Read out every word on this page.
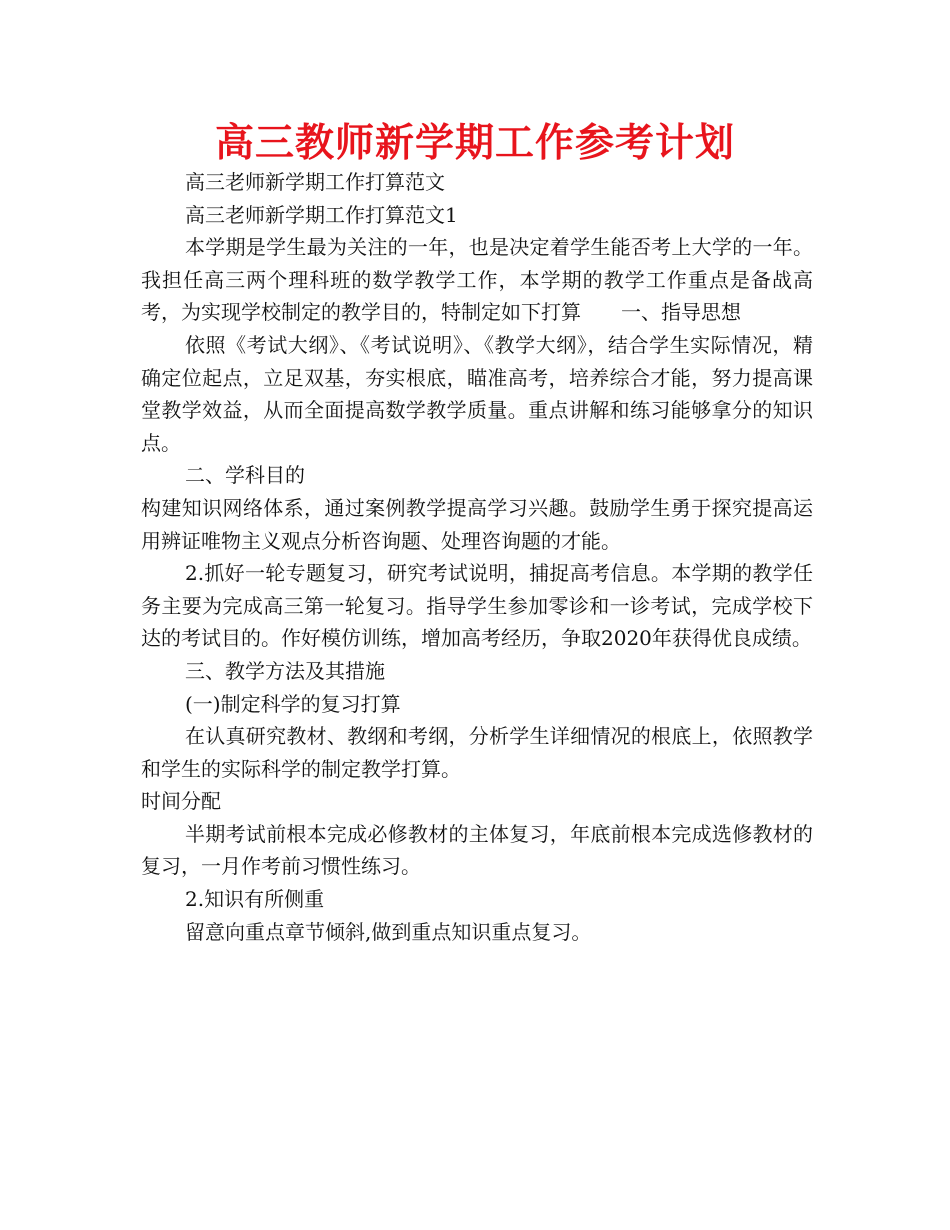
高三教师新学期工作参考计划

高三老师新学期工作打算范文

高三老师新学期工作打算范文1

本学期是学生最为关注的一年，也是决定着学生能否考上大学的一年。我担任高三两个理科班的数学教学工作，本学期的教学工作重点是备战高考，为实现学校制定的教学目的，特制定如下打算　　一、指导思想

依照《考试大纲》、《考试说明》、《教学大纲》，结合学生实际情况，精确定位起点，立足双基，夯实根底，瞄准高考，培养综合才能，努力提高课堂教学效益，从而全面提高数学教学质量。重点讲解和练习能够拿分的知识点。

二、学科目的

构建知识网络体系，通过案例教学提高学习兴趣。鼓励学生勇于探究提高运用辨证唯物主义观点分析咨询题、处理咨询题的才能。

2.抓好一轮专题复习，研究考试说明，捕捉高考信息。本学期的教学任务主要为完成高三第一轮复习。指导学生参加零诊和一诊考试，完成学校下达的考试目的。作好模仿训练，增加高考经历，争取2020年获得优良成绩。

三、教学方法及其措施

(一)制定科学的复习打算

在认真研究教材、教纲和考纲，分析学生详细情况的根底上，依照教学和学生的实际科学的制定教学打算。

时间分配

半期考试前根本完成必修教材的主体复习，年底前根本完成选修教材的复习，一月作考前习惯性练习。

2.知识有所侧重

留意向重点章节倾斜,做到重点知识重点复习。
